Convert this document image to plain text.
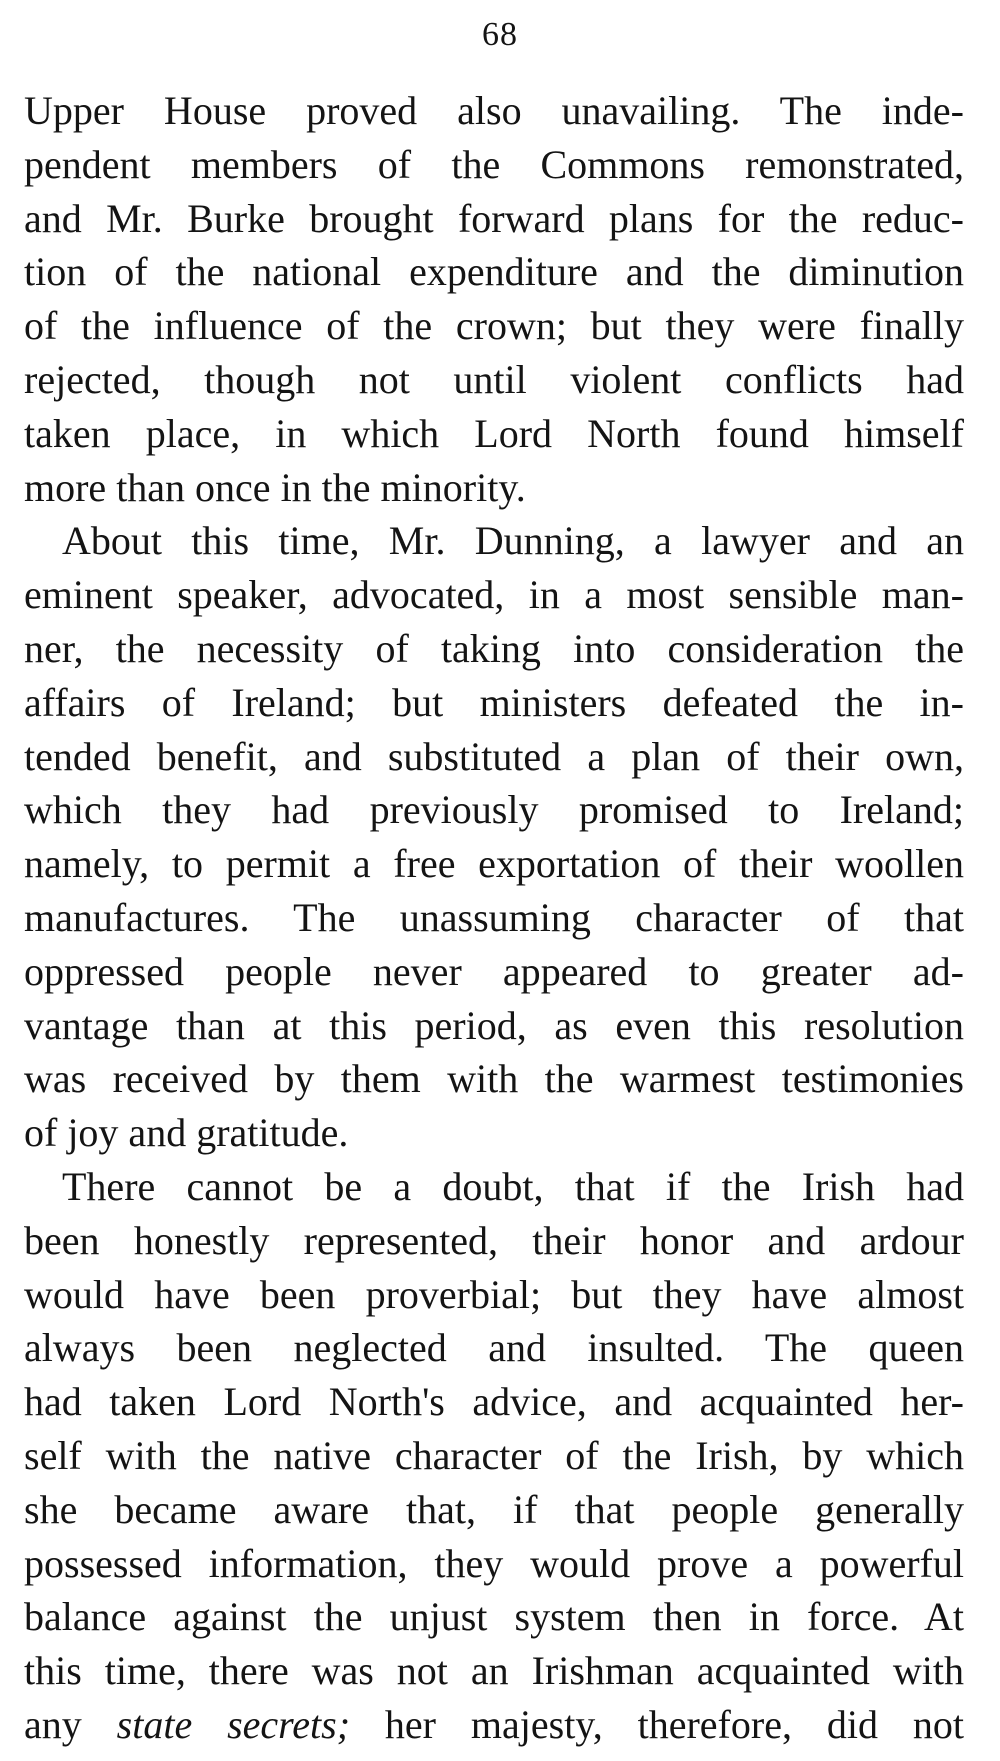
68
Upper House proved also unavailing. The inde-
pendent members of the Commons remonstrated,
and Mr. Burke brought forward plans for the reduc-
tion of the national expenditure and the diminution
of the influence of the crown; but they were finally
rejected, though not until violent conflicts had
taken place, in which Lord North found himself
more than once in the minority.
About this time, Mr. Dunning, a lawyer and an
eminent speaker, advocated, in a most sensible man-
ner, the necessity of taking into consideration the
affairs of Ireland; but ministers defeated the in-
tended benefit, and substituted a plan of their own,
which they had previously promised to Ireland;
namely, to permit a free exportation of their woollen
manufactures. The unassuming character of that
oppressed people never appeared to greater ad-
vantage than at this period, as even this resolution
was received by them with the warmest testimonies
of joy and gratitude.
There cannot be a doubt, that if the Irish had
been honestly represented, their honor and ardour
would have been proverbial; but they have almost
always been neglected and insulted. The queen
had taken Lord North's advice, and acquainted her-
self with the native character of the Irish, by which
she became aware that, if that people generally
possessed information, they would prove a powerful
balance against the unjust system then in force. At
this time, there was not an Irishman acquainted with
any state secrets; her majesty, therefore, did not
